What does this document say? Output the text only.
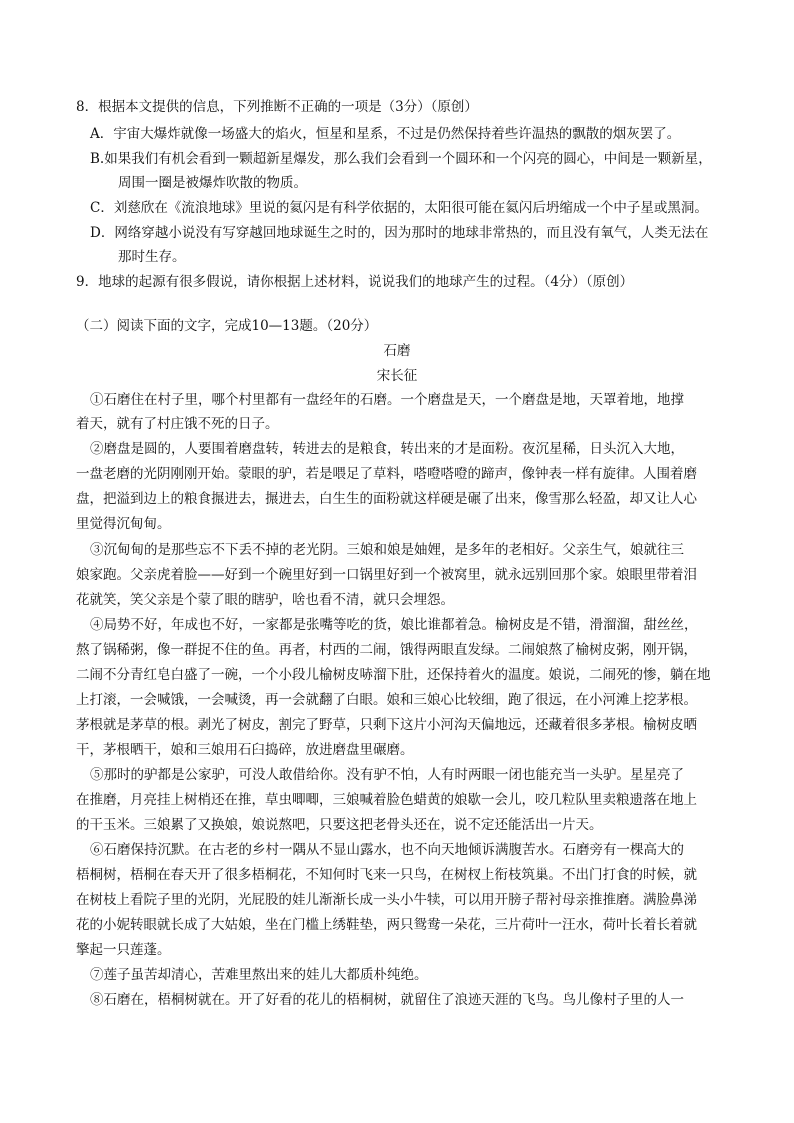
8．根据本文提供的信息，下列推断不正确的一项是（3分）（原创）
A．宇宙大爆炸就像一场盛大的焰火，恒星和星系，不过是仍然保持着些许温热的飘散的烟灰罢了。
B.如果我们有机会看到一颗超新星爆发，那么我们会看到一个圆环和一个闪亮的圆心，中间是一颗新星，
周围一圈是被爆炸吹散的物质。
C．刘慈欣在《流浪地球》里说的氦闪是有科学依据的，太阳很可能在氦闪后坍缩成一个中子星或黑洞。
D．网络穿越小说没有写穿越回地球诞生之时的，因为那时的地球非常热的，而且没有氧气，人类无法在
那时生存。
9．地球的起源有很多假说，请你根据上述材料，说说我们的地球产生的过程。（4分）（原创）
（二）阅读下面的文字，完成10—13题。（20分）
石磨
宋长征
①石磨住在村子里，哪个村里都有一盘经年的石磨。一个磨盘是天，一个磨盘是地，天罩着地，地撑
着天，就有了村庄饿不死的日子。
②磨盘是圆的，人要围着磨盘转，转进去的是粮食，转出来的才是面粉。夜沉星稀，日头沉入大地，
一盘老磨的光阴刚刚开始。蒙眼的驴，若是喂足了草料，嗒噔嗒噔的蹄声，像钟表一样有旋律。人围着磨
盘，把溢到边上的粮食搌进去，搌进去，白生生的面粉就这样硬是碾了出来，像雪那么轻盈，却又让人心
里觉得沉甸甸。
③沉甸甸的是那些忘不下丢不掉的老光阴。三娘和娘是妯娌，是多年的老相好。父亲生气，娘就往三
娘家跑。父亲虎着脸——好到一个碗里好到一口锅里好到一个被窝里，就永远别回那个家。娘眼里带着泪
花就笑，笑父亲是个蒙了眼的瞎驴，啥也看不清，就只会埋怨。
④局势不好，年成也不好，一家都是张嘴等吃的货，娘比谁都着急。榆树皮是不错，滑溜溜，甜丝丝，
熬了锅稀粥，像一群捉不住的鱼。再者，村西的二闹，饿得两眼直发绿。二闹娘熬了榆树皮粥，刚开锅，
二闹不分青红皂白盛了一碗，一个小段儿榆树皮哧溜下肚，还保持着火的温度。娘说，二闹死的惨，躺在地
上打滚，一会喊饿，一会喊烫，再一会就翻了白眼。娘和三娘心比较细，跑了很远，在小河滩上挖茅根。
茅根就是茅草的根。剥光了树皮，割完了野草，只剩下这片小河沟天偏地远，还藏着很多茅根。榆树皮晒
干，茅根晒干，娘和三娘用石臼捣碎，放进磨盘里碾磨。
⑤那时的驴都是公家驴，可没人敢借给你。没有驴不怕，人有时两眼一闭也能充当一头驴。星星亮了
在推磨，月亮挂上树梢还在推，草虫唧唧，三娘喊着脸色蜡黄的娘歇一会儿，咬几粒队里卖粮遗落在地上
的干玉米。三娘累了又换娘，娘说熬吧，只要这把老骨头还在，说不定还能活出一片天。
⑥石磨保持沉默。在古老的乡村一隅从不显山露水，也不向天地倾诉满腹苦水。石磨旁有一棵高大的
梧桐树，梧桐在春天开了很多梧桐花，不知何时飞来一只鸟，在树杈上衔枝筑巢。不出门打食的时候，就
在树枝上看院子里的光阴，光屁股的娃儿渐渐长成一头小牛犊，可以用开膀子帮衬母亲推推磨。满脸鼻涕
花的小妮转眼就长成了大姑娘，坐在门槛上绣鞋垫，两只鸳鸯一朵花，三片荷叶一汪水，荷叶长着长着就
擎起一只莲蓬。
⑦莲子虽苦却清心，苦难里熬出来的娃儿大都质朴纯绝。
⑧石磨在，梧桐树就在。开了好看的花儿的梧桐树，就留住了浪迹天涯的飞鸟。鸟儿像村子里的人一
